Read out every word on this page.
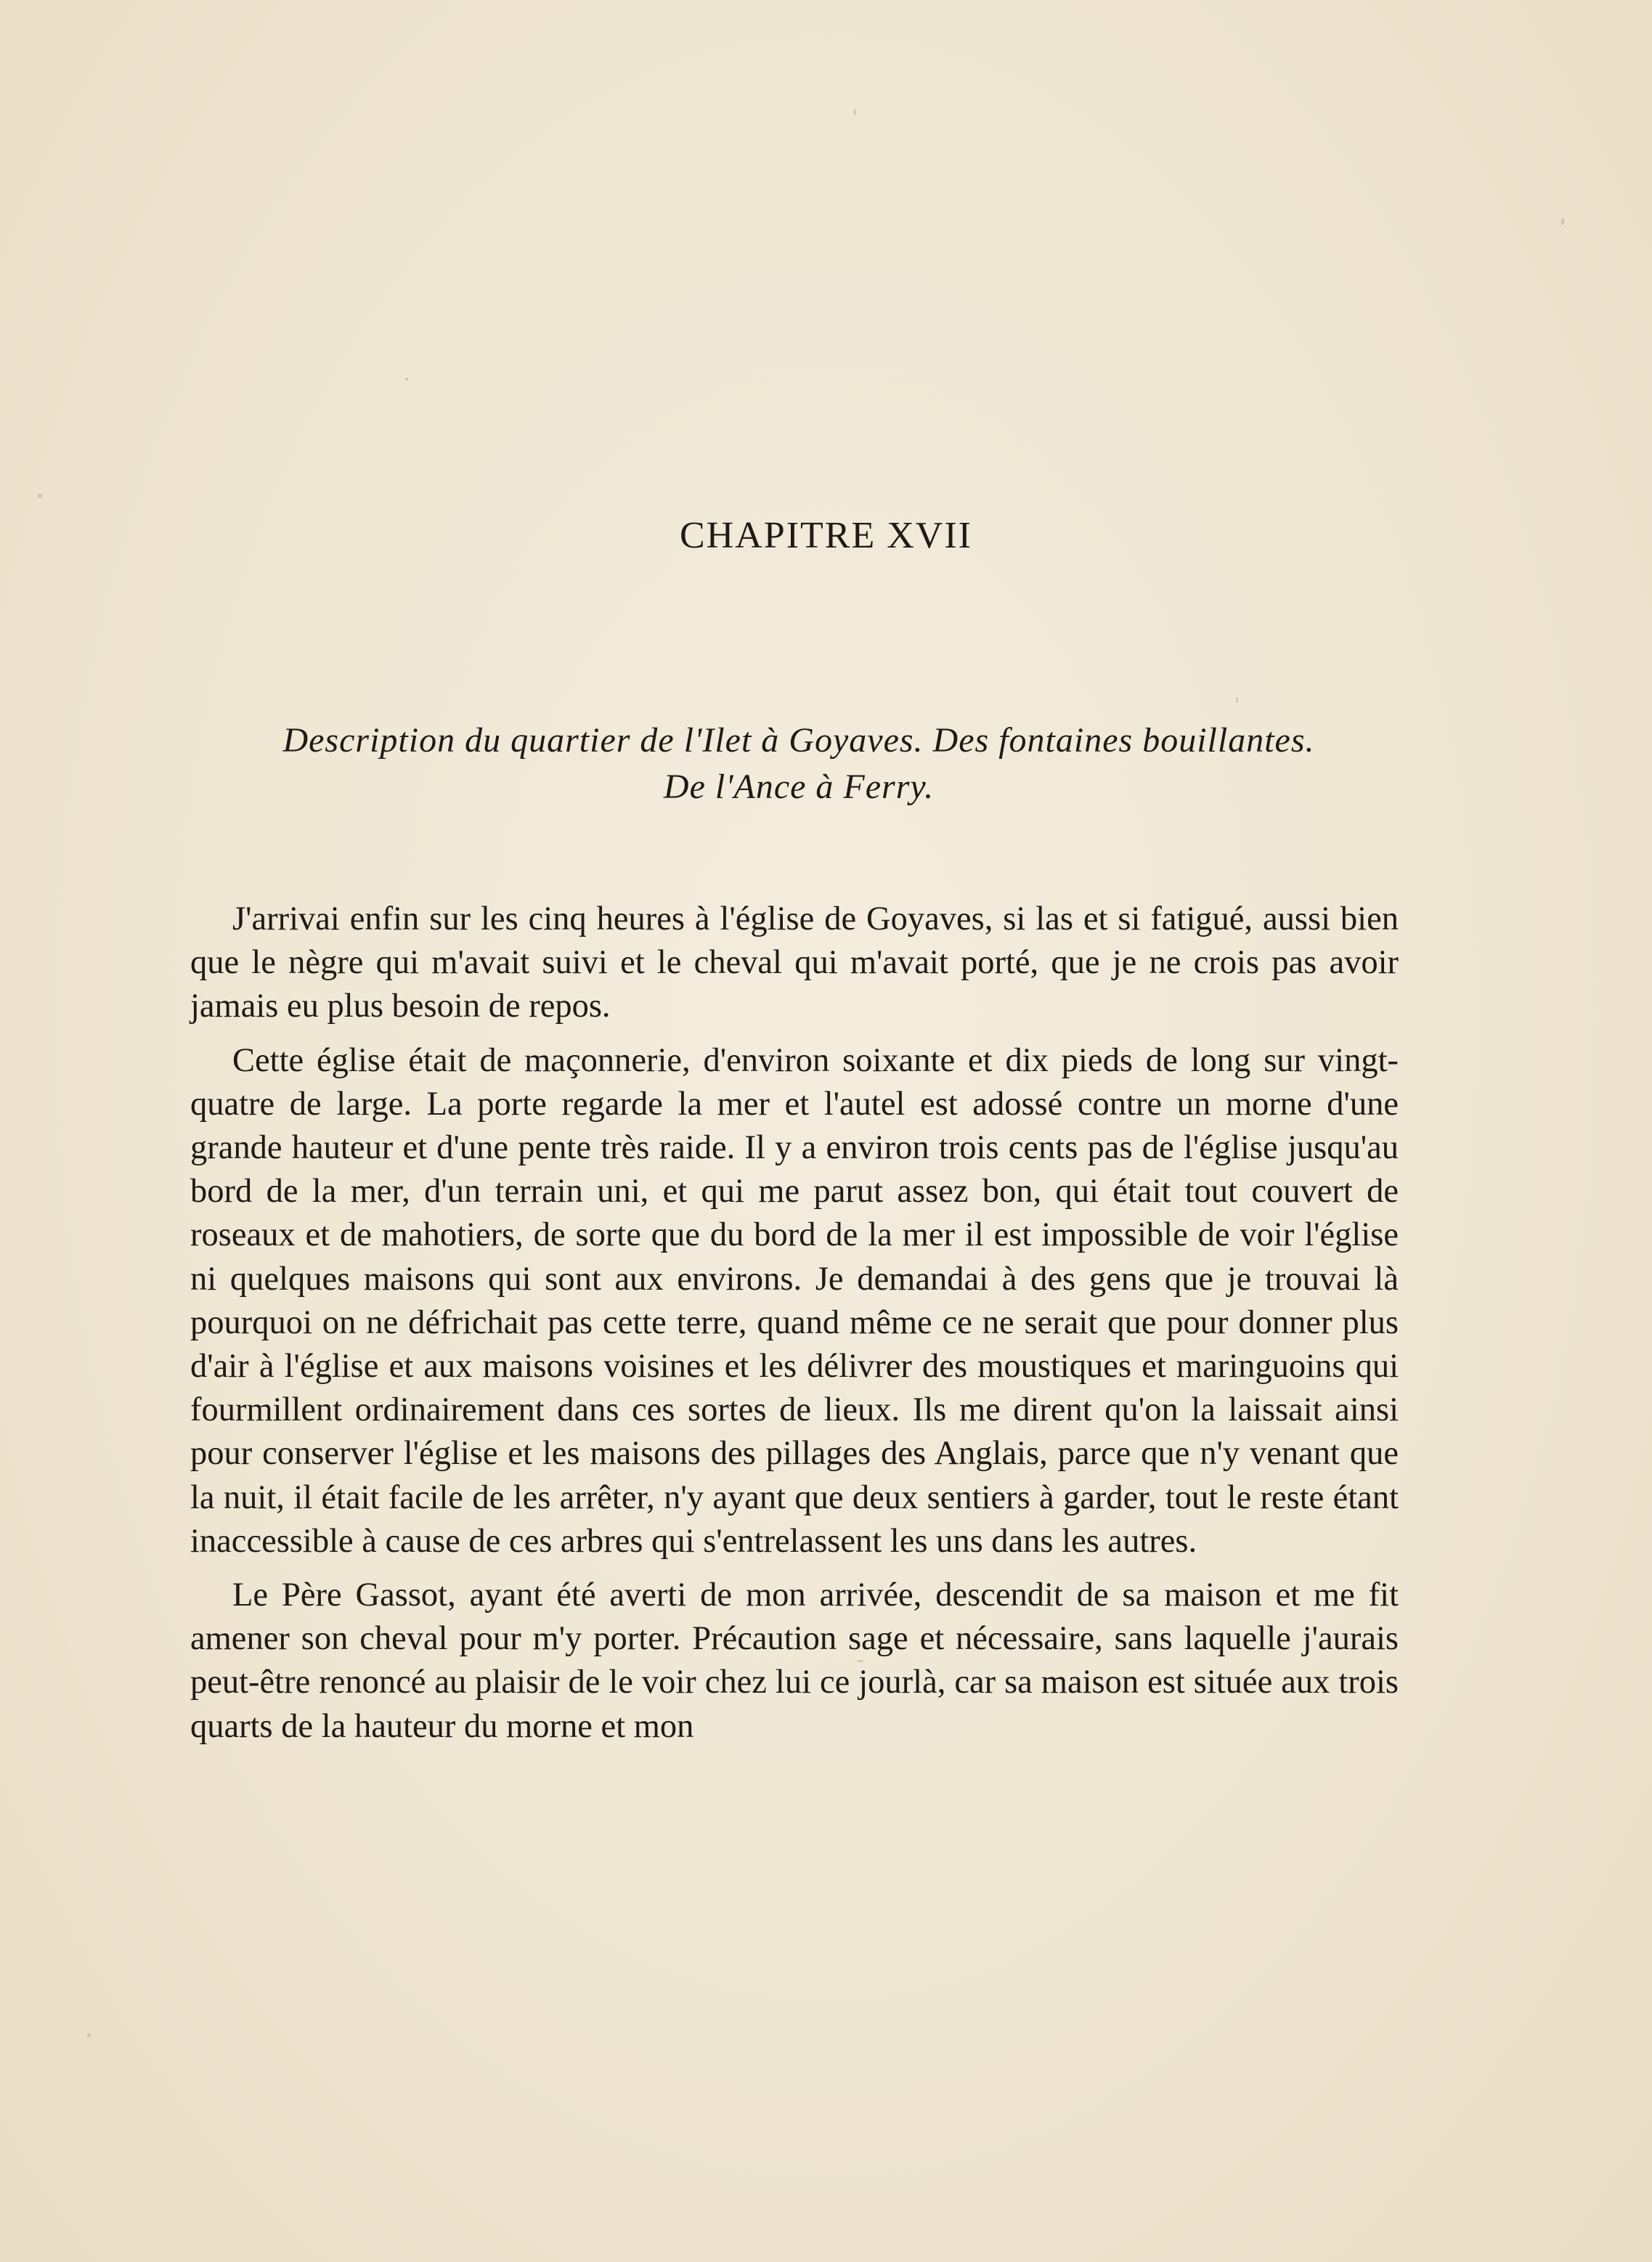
CHAPITRE XVII
Description du quartier de l'Ilet à Goyaves. Des fontaines bouillantes.
De l'Ance à Ferry.

J'arrivai enfin sur les cinq heures à l'église de Goyaves, si las et si fatigué, aussi bien que le nègre qui m'avait suivi et le cheval qui m'avait porté, que je ne crois pas avoir jamais eu plus besoin de repos.

Cette église était de maçonnerie, d'environ soixante et dix pieds de long sur vingt-quatre de large. La porte regarde la mer et l'autel est adossé contre un morne d'une grande hauteur et d'une pente très raide. Il y a environ trois cents pas de l'église jusqu'au bord de la mer, d'un terrain uni, et qui me parut assez bon, qui était tout couvert de roseaux et de mahotiers, de sorte que du bord de la mer il est impossible de voir l'église ni quelques maisons qui sont aux environs. Je demandai à des gens que je trouvai là pourquoi on ne défrichait pas cette terre, quand même ce ne serait que pour donner plus d'air à l'église et aux maisons voisines et les délivrer des moustiques et maringuoins qui fourmillent ordinairement dans ces sortes de lieux. Ils me dirent qu'on la laissait ainsi pour conserver l'église et les maisons des pillages des Anglais, parce que n'y venant que la nuit, il était facile de les arrêter, n'y ayant que deux sentiers à garder, tout le reste étant inaccessible à cause de ces arbres qui s'entrelassent les uns dans les autres.

Le Père Gassot, ayant été averti de mon arrivée, descendit de sa maison et me fit amener son cheval pour m'y porter. Précaution sage et nécessaire, sans laquelle j'aurais peut-être renoncé au plaisir de le voir chez lui ce jourlà, car sa maison est située aux trois quarts de la hauteur du morne et mon
